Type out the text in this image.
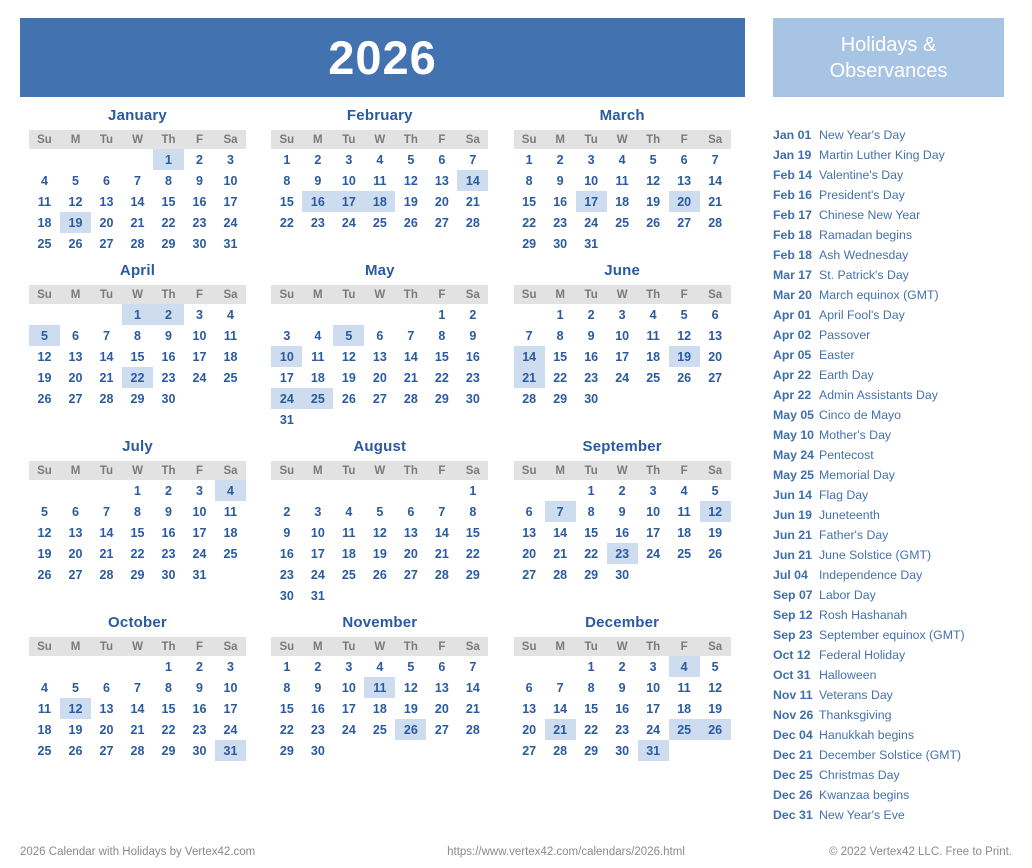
2026	Holidays &
Observances
January
Su	M	Tu	W	Th	F	Sa
				1	2	3
4	5	6	7	8	9	10
11	12	13	14	15	16	17
18	19	20	21	22	23	24
25	26	27	28	29	30	31
February
Su	M	Tu	W	Th	F	Sa
1	2	3	4	5	6	7
8	9	10	11	12	13	14
15	16	17	18	19	20	21
22	23	24	25	26	27	28
March
Su	M	Tu	W	Th	F	Sa
1	2	3	4	5	6	7
8	9	10	11	12	13	14
15	16	17	18	19	20	21
22	23	24	25	26	27	28
29	30	31				
April
Su	M	Tu	W	Th	F	Sa
			1	2	3	4
5	6	7	8	9	10	11
12	13	14	15	16	17	18
19	20	21	22	23	24	25
26	27	28	29	30		
May
Su	M	Tu	W	Th	F	Sa
					1	2
3	4	5	6	7	8	9
10	11	12	13	14	15	16
17	18	19	20	21	22	23
24	25	26	27	28	29	30
31						
June
Su	M	Tu	W	Th	F	Sa
	1	2	3	4	5	6
7	8	9	10	11	12	13
14	15	16	17	18	19	20
21	22	23	24	25	26	27
28	29	30				
July
Su	M	Tu	W	Th	F	Sa
			1	2	3	4
5	6	7	8	9	10	11
12	13	14	15	16	17	18
19	20	21	22	23	24	25
26	27	28	29	30	31	
August
Su	M	Tu	W	Th	F	Sa
						1
2	3	4	5	6	7	8
9	10	11	12	13	14	15
16	17	18	19	20	21	22
23	24	25	26	27	28	29
30	31					
September
Su	M	Tu	W	Th	F	Sa
		1	2	3	4	5
6	7	8	9	10	11	12
13	14	15	16	17	18	19
20	21	22	23	24	25	26
27	28	29	30			
October
Su	M	Tu	W	Th	F	Sa
				1	2	3
4	5	6	7	8	9	10
11	12	13	14	15	16	17
18	19	20	21	22	23	24
25	26	27	28	29	30	31
November
Su	M	Tu	W	Th	F	Sa
1	2	3	4	5	6	7
8	9	10	11	12	13	14
15	16	17	18	19	20	21
22	23	24	25	26	27	28
29	30					
December
Su	M	Tu	W	Th	F	Sa
		1	2	3	4	5
6	7	8	9	10	11	12
13	14	15	16	17	18	19
20	21	22	23	24	25	26
27	28	29	30	31		
Jan 01 New Year's Day
Jan 19 Martin Luther King Day
Feb 14 Valentine's Day
Feb 16 President's Day
Feb 17 Chinese New Year
Feb 18 Ramadan begins
Feb 18 Ash Wednesday
Mar 17 St. Patrick's Day
Mar 20 March equinox (GMT)
Apr 01 April Fool's Day
Apr 02 Passover
Apr 05 Easter
Apr 22 Earth Day
Apr 22 Admin Assistants Day
May 05 Cinco de Mayo
May 10 Mother's Day
May 24 Pentecost
May 25 Memorial Day
Jun 14 Flag Day
Jun 19 Juneteenth
Jun 21 Father's Day
Jun 21 June Solstice (GMT)
Jul 04 Independence Day
Sep 07 Labor Day
Sep 12 Rosh Hashanah
Sep 23 September equinox (GMT)
Oct 12 Federal Holiday
Oct 31 Halloween
Nov 11 Veterans Day
Nov 26 Thanksgiving
Dec 04 Hanukkah begins
Dec 21 December Solstice (GMT)
Dec 25 Christmas Day
Dec 26 Kwanzaa begins
Dec 31 New Year's Eve
2026 Calendar with Holidays by Vertex42.com	https://www.vertex42.com/calendars/2026.html	© 2022 Vertex42 LLC. Free to Print.
